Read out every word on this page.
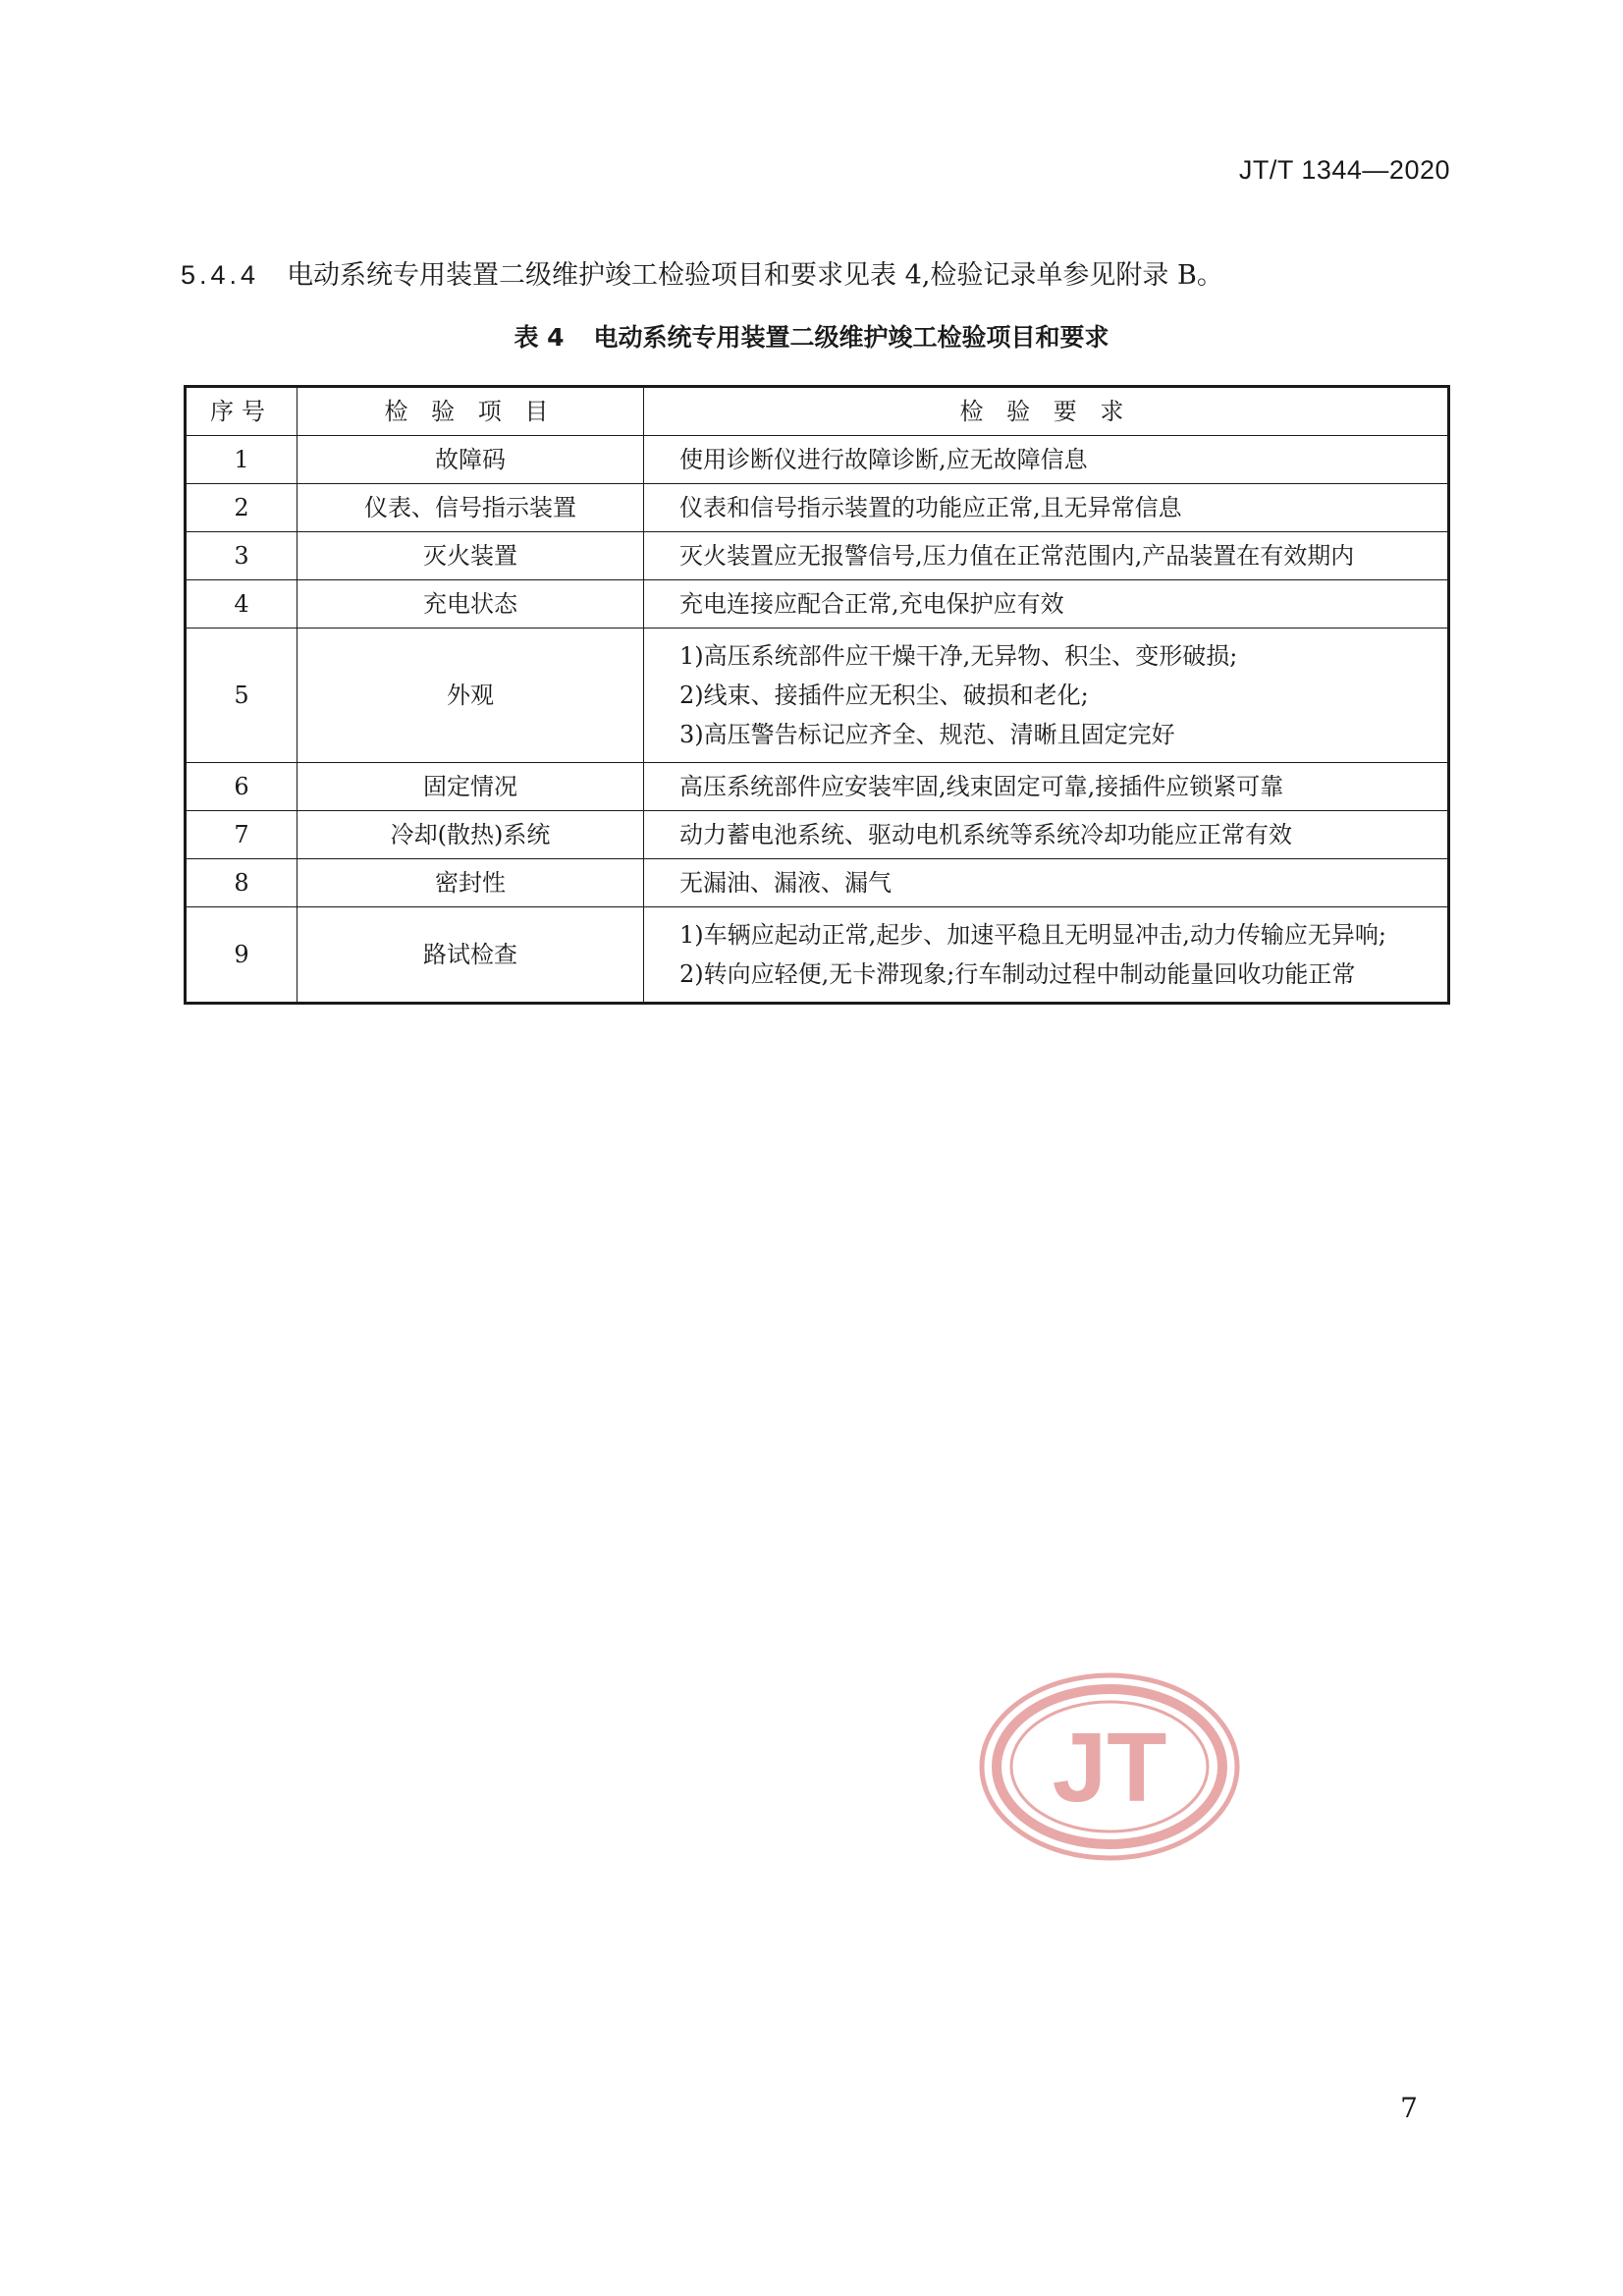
JT/T 1344—2020
5.4.4 电动系统专用装置二级维护竣工检验项目和要求见表 4,检验记录单参见附录 B。
表 4 电动系统专用装置二级维护竣工检验项目和要求
序号	检 验 项 目	检 验 要 求
1	故障码	使用诊断仪进行故障诊断,应无故障信息

2	仪表、信号指示装置	仪表和信号指示装置的功能应正常,且无异常信息

3	灭火装置	灭火装置应无报警信号,压力值在正常范围内,产品装置在有效期内

4	充电状态	充电连接应配合正常,充电保护应有效

5	外观	1)高压系统部件应干燥干净,无异物、积尘、变形破损;
2)线束、接插件应无积尘、破损和老化;
3)高压警告标记应齐全、规范、清晰且固定完好

6	固定情况	高压系统部件应安装牢固,线束固定可靠,接插件应锁紧可靠

7	冷却(散热)系统	动力蓄电池系统、驱动电机系统等系统冷却功能应正常有效

8	密封性	无漏油、漏液、漏气

9	路试检查	1)车辆应起动正常,起步、加速平稳且无明显冲击,动力传输应无异响;
2)转向应轻便,无卡滞现象;行车制动过程中制动能量回收功能正常
JT
7
